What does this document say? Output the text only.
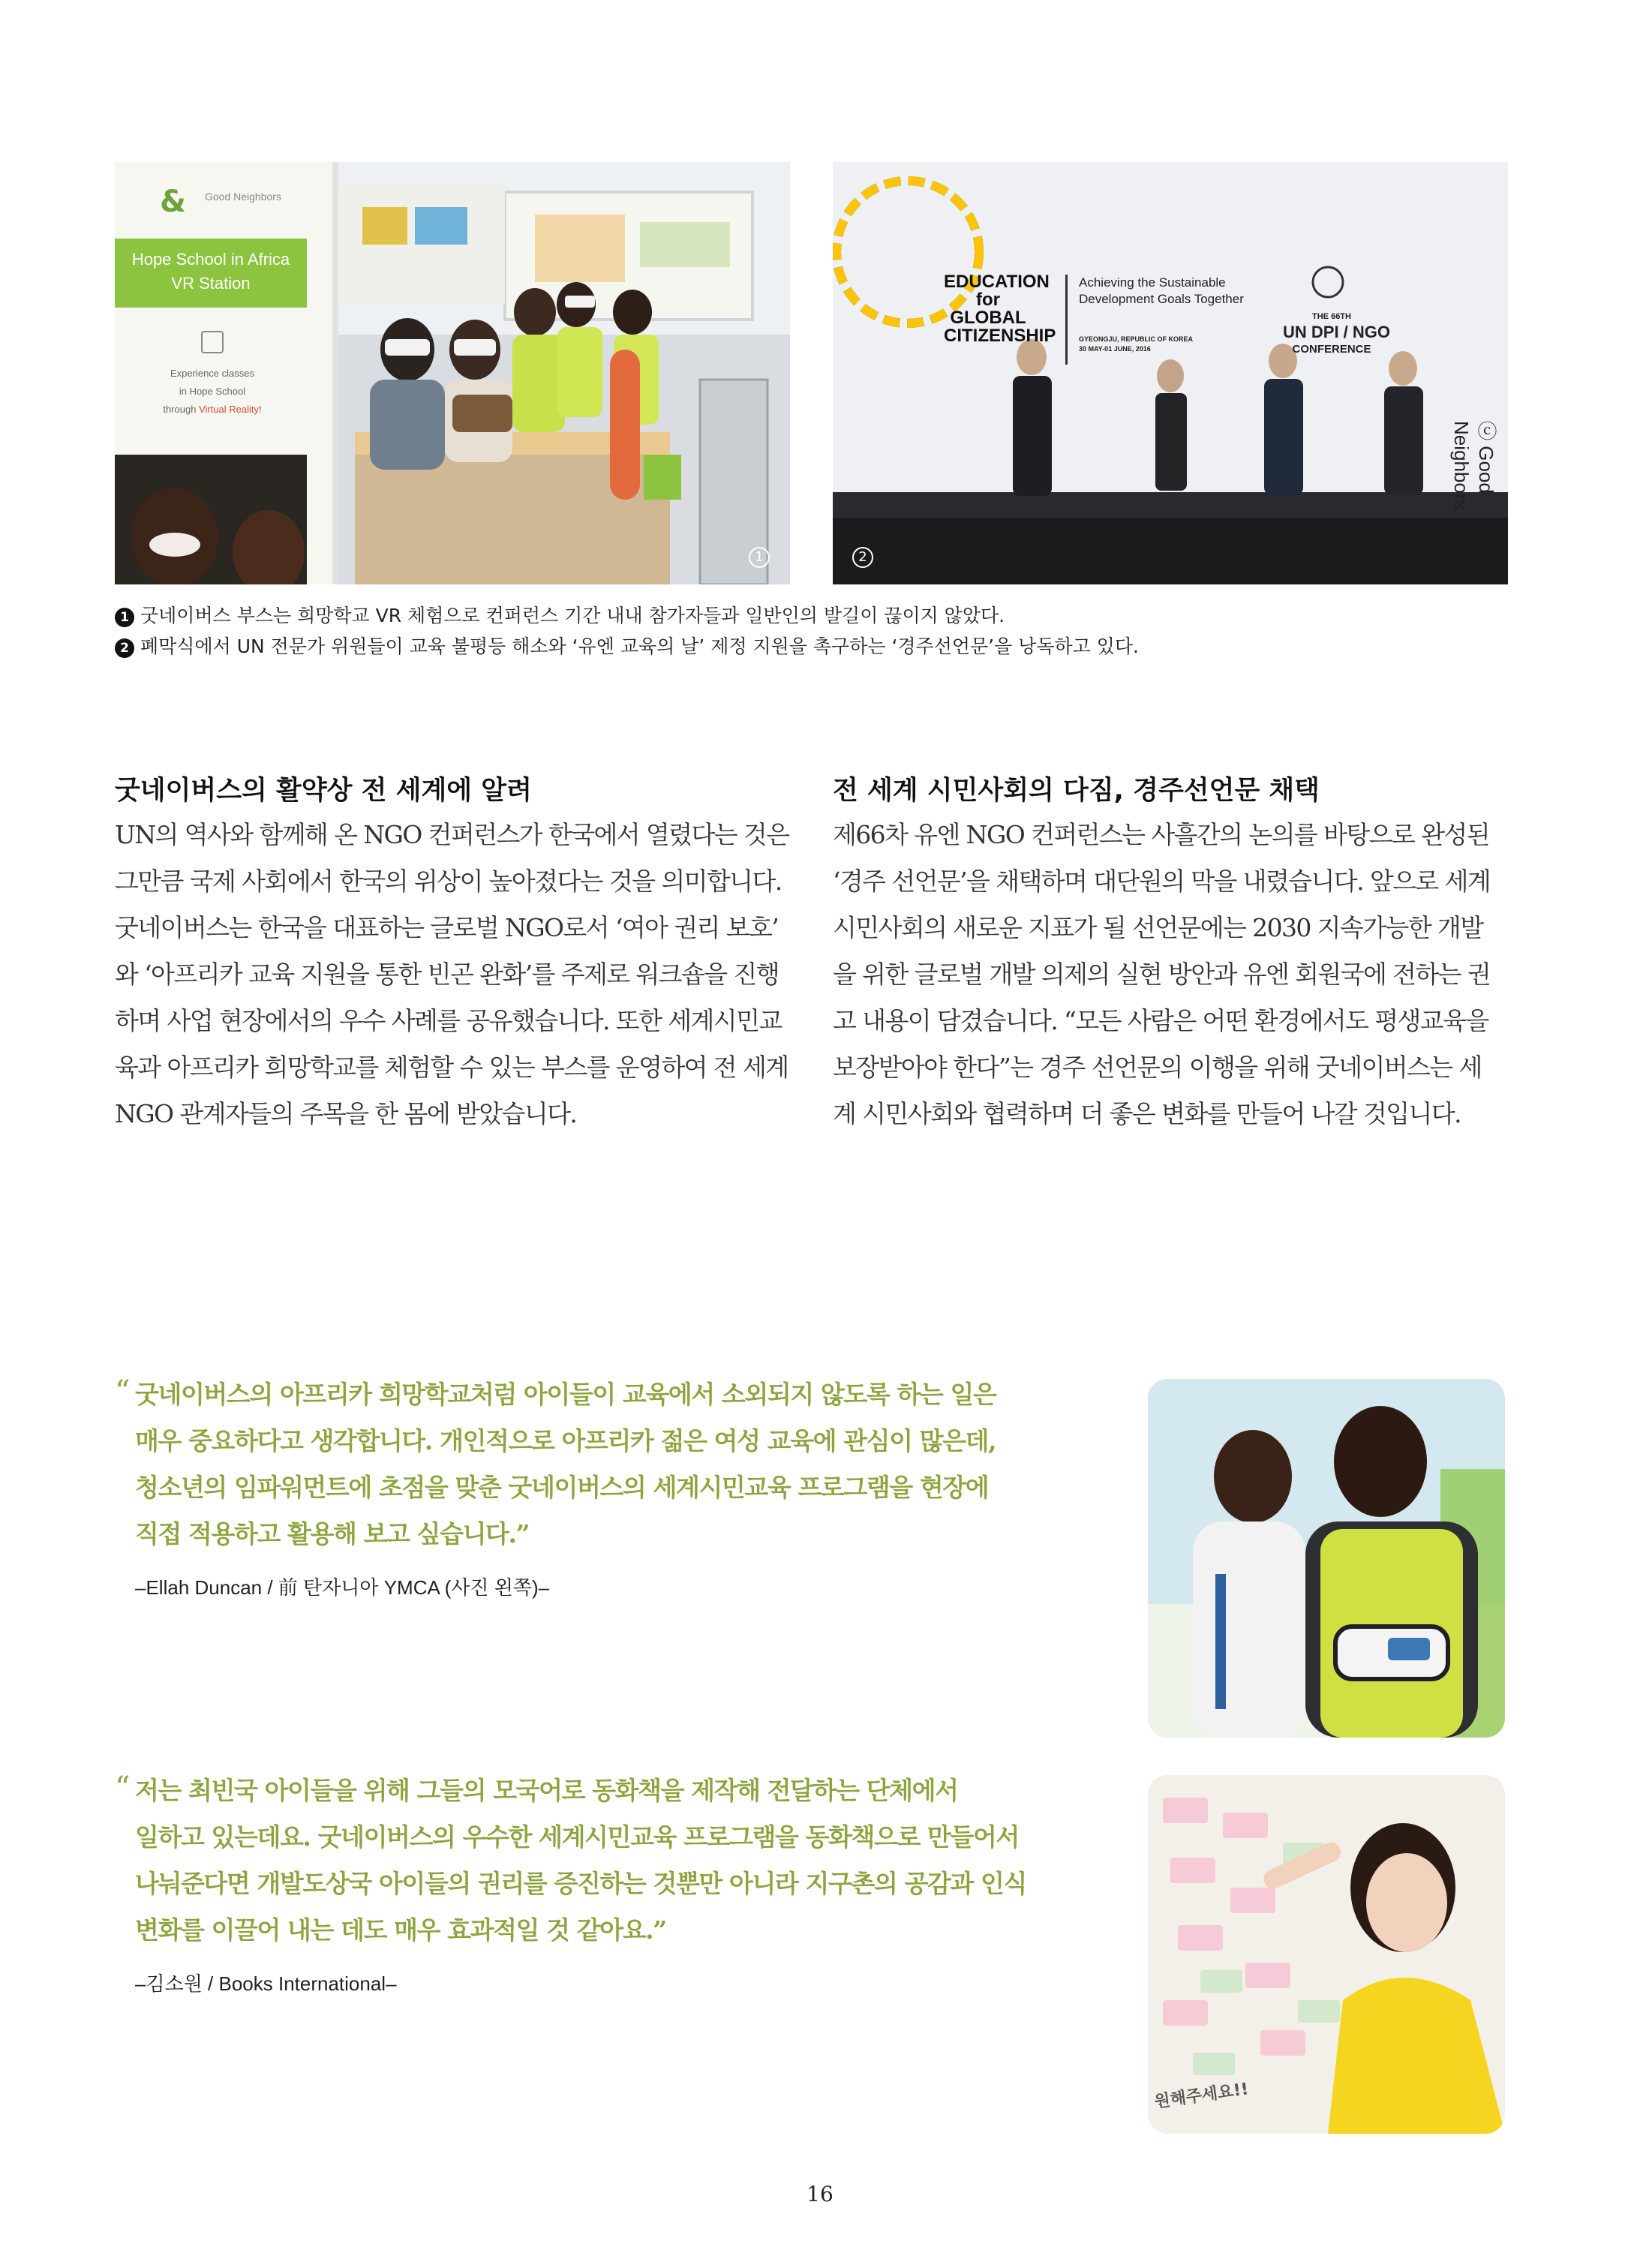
& Good Neighbors
Hope School in Africa
VR Station
Experience classes
in Hope School
through Virtual Reality!
1
EDUCATION
for GLOBAL
CITIZENSHIP
Achieving the Sustainable
Development Goals Together
GYEONGJU, REPUBLIC OF KOREA
30 MAY-01 JUNE, 2016
THE 66TH
UN DPI / NGO
CONFERENCE
ⓒ Good Neighbors
2
1 굿네이버스 부스는 희망학교 VR 체험으로 컨퍼런스 기간 내내 참가자들과 일반인의 발길이 끊이지 않았다.
2 폐막식에서 UN 전문가 위원들이 교육 불평등 해소와 ‘유엔 교육의 날’ 제정 지원을 촉구하는 ‘경주선언문’을 낭독하고 있다.
굿네이버스의 활약상 전 세계에 알려
UN의 역사와 함께해 온 NGO 컨퍼런스가 한국에서 열렸다는 것은
그만큼 국제 사회에서 한국의 위상이 높아졌다는 것을 의미합니다.
굿네이버스는 한국을 대표하는 글로벌 NGO로서 ‘여아 권리 보호’
와 ‘아프리카 교육 지원을 통한 빈곤 완화’를 주제로 워크숍을 진행
하며 사업 현장에서의 우수 사례를 공유했습니다. 또한 세계시민교
육과 아프리카 희망학교를 체험할 수 있는 부스를 운영하여 전 세계
NGO 관계자들의 주목을 한 몸에 받았습니다.
전 세계 시민사회의 다짐, 경주선언문 채택
제66차 유엔 NGO 컨퍼런스는 사흘간의 논의를 바탕으로 완성된
‘경주 선언문’을 채택하며 대단원의 막을 내렸습니다. 앞으로 세계
시민사회의 새로운 지표가 될 선언문에는 2030 지속가능한 개발
을 위한 글로벌 개발 의제의 실현 방안과 유엔 회원국에 전하는 권
고 내용이 담겼습니다. “모든 사람은 어떤 환경에서도 평생교육을
보장받아야 한다”는 경주 선언문의 이행을 위해 굿네이버스는 세
계 시민사회와 협력하며 더 좋은 변화를 만들어 나갈 것입니다.
“ 굿네이버스의 아프리카 희망학교처럼 아이들이 교육에서 소외되지 않도록 하는 일은
매우 중요하다고 생각합니다. 개인적으로 아프리카 젊은 여성 교육에 관심이 많은데,
청소년의 임파워먼트에 초점을 맞춘 굿네이버스의 세계시민교육 프로그램을 현장에
직접 적용하고 활용해 보고 싶습니다.”
–Ellah Duncan / 前 탄자니아 YMCA (사진 왼쪽)–
“ 저는 최빈국 아이들을 위해 그들의 모국어로 동화책을 제작해 전달하는 단체에서
일하고 있는데요. 굿네이버스의 우수한 세계시민교육 프로그램을 동화책으로 만들어서
나눠준다면 개발도상국 아이들의 권리를 증진하는 것뿐만 아니라 지구촌의 공감과 인식
변화를 이끌어 내는 데도 매우 효과적일 것 같아요.”
–김소원 / Books International–
원해주세요!!
16
